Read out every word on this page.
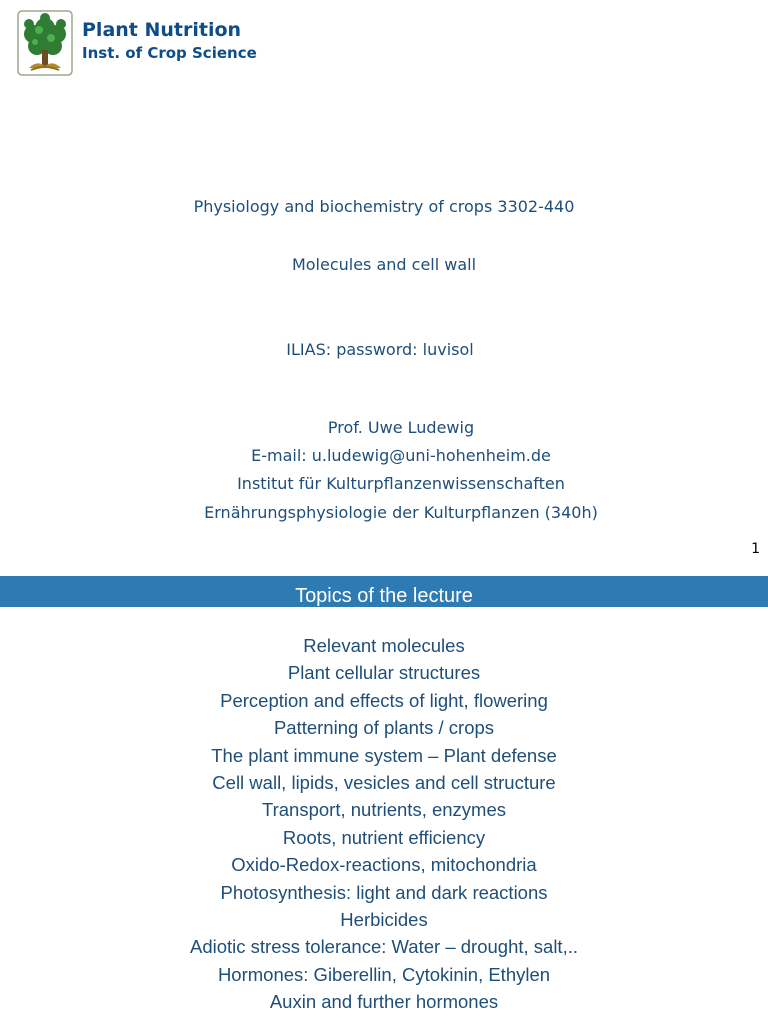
Plant Nutrition
Inst. of Crop Science
Physiology and biochemistry of crops 3302-440
Molecules and cell wall
ILIAS: password: luvisol
Prof. Uwe Ludewig
E-mail: u.ludewig@uni-hohenheim.de
Institut für Kulturpflanzenwissenschaften
Ernährungsphysiologie der Kulturpflanzen (340h)
1
Topics of the lecture
Relevant molecules
Plant cellular structures
Perception and effects of light, flowering
Patterning of plants / crops
The plant immune system – Plant defense
Cell wall, lipids, vesicles and cell structure
Transport, nutrients, enzymes
Roots, nutrient efficiency
Oxido-Redox-reactions, mitochondria
Photosynthesis: light and dark reactions
Herbicides
Adiotic stress tolerance: Water – drought, salt,..
Hormones: Giberellin, Cytokinin, Ethylen
Auxin and further hormones
